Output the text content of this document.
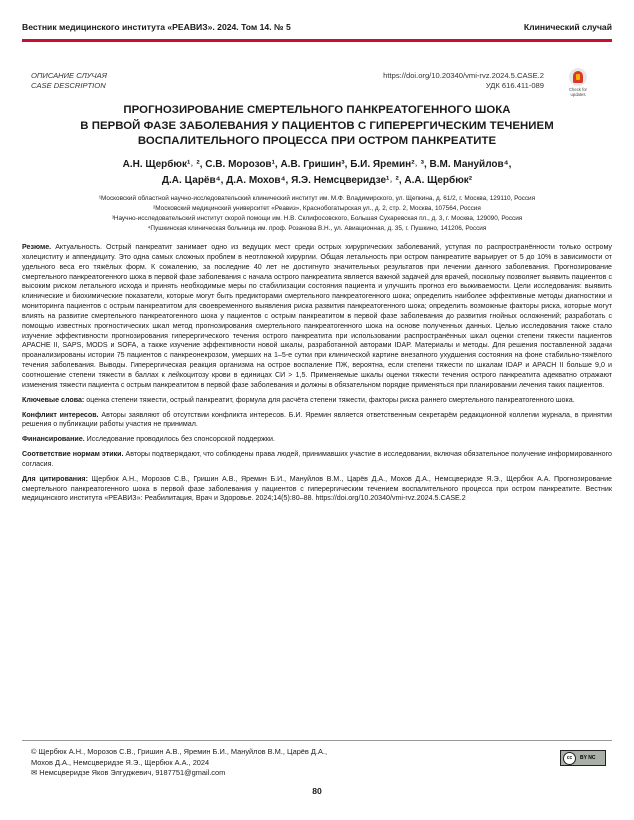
Вестник медицинского института «РЕАВИЗ». 2024. Том 14. № 5	Клинический случай
ОПИСАНИЕ СЛУЧАЯ
CASE DESCRIPTION
https://doi.org/10.20340/vmi-rvz.2024.5.CASE.2
УДК 616.411-089	Check for
updates
ПРОГНОЗИРОВАНИЕ СМЕРТЕЛЬНОГО ПАНКРЕАТОГЕННОГО ШОКА
В ПЕРВОЙ ФАЗЕ ЗАБОЛЕВАНИЯ У ПАЦИЕНТОВ С ГИПЕРЕРГИЧЕСКИМ ТЕЧЕНИЕМ
ВОСПАЛИТЕЛЬНОГО ПРОЦЕССА ПРИ ОСТРОМ ПАНКРЕАТИТЕ
А.Н. Щербюк¹˒ ², С.В. Морозов¹, А.В. Гришин³, Б.И. Яремин²˒ ³, В.М. Мануйлов⁴,
Д.А. Царёв⁴, Д.А. Мохов⁴, Я.Э. Немсцверидзе¹˒ ², А.А. Щербюк²
¹Московский областной научно-исследовательский клинический институт им. М.Ф. Владимирского, ул. Щепкина, д. 61/2, г. Москва, 129110, Россия
²Московский медицинский университет «Реавиз», Краснобогатырская ул., д. 2, стр. 2, Москва, 107564, Россия
³Научно-исследовательский институт скорой помощи им. Н.В. Склифосовского, Большая Сухаревская пл., д. 3, г. Москва, 129090, Россия
⁴Пушкинская клиническая больница им. проф. Розанова В.Н., ул. Авиационная, д. 35, г. Пушкино, 141206, Россия

Резюме. Актуальность. Острый панкреатит занимает одно из ведущих мест среди острых хирургических заболеваний, уступая по распространённости только острому холециститу и аппендициту. Это одна самых сложных проблем в неотложной хирургии. Общая летальность при остром панкреатите варьирует от 5 до 10% в зависимости от удельного веса его тяжёлых форм. К сожалению, за последние 40 лет не достигнуто значительных результатов при лечении данного заболевания. Прогнозирование смертельного панкреатогенного шока в первой фазе заболевания с начала острого панкреатита является важной задачей для врачей, поскольку позволяет выявить пациентов с высоким риском летального исхода и принять необходимые меры по стабилизации состояния пациента и улучшить прогноз его выживаемости. Цели исследования: выявить клинические и биохимические показатели, которые могут быть предикторами смертельного панкреатогенного шока; определить наиболее эффективные методы диагностики и мониторинга пациентов с острым панкреатитом для своевременного выявления риска развития панкреатогенного шока; определить возможные факторы риска, которые могут влиять на развитие смертельного панкреатогенного шока у пациентов с острым панкреатитом в первой фазе заболевания до развития гнойных осложнений; разработать с помощью известных прогностических шкал метод прогнозирования смертельного панкреатогенного шока на основе полученных данных. Целью исследования также стало изучение эффективности прогнозирования гиперергического течения острого панкреатита при использовании распространённых шкал оценки степени тяжести пациентов APACHE II, SAPS, MODS и SOFA, а также изучение эффективности новой шкалы, разработанной авторами IDAP. Материалы и методы. Для решения поставленной задачи проанализированы истории 75 пациентов с панкреонекрозом, умерших на 1–5-е сутки при клинической картине внезапного ухудшения состояния на фоне стабильно-тяжёлого течения заболевания. Выводы. Гиперергическая реакция организма на острое воспаление ПЖ, вероятна, если степени тяжести по шкалам IDAP и APACH II больше 9,0 и соотношение степени тяжести в баллах к лейкоцитозу крови в единицах СИ > 1,5. Применяемые шкалы оценки тяжести течения острого панкреатита адекватно отражают изменения тяжести пациента с острым панкреатитом в первой фазе заболевания и должны в обязательном порядке применяться при планировании лечения таких пациентов.

Ключевые слова: оценка степени тяжести, острый панкреатит, формула для расчёта степени тяжести, факторы риска раннего смертельного панкреатогенного шока.

Конфликт интересов. Авторы заявляют об отсутствии конфликта интересов. Б.И. Яремин является ответственным секретарём редакционной коллегии журнала, в принятии решения о публикации работы участия не принимал.

Финансирование. Исследование проводилось без спонсорской поддержки.

Соответствие нормам этики. Авторы подтверждают, что соблюдены права людей, принимавших участие в исследовании, включая обязательное получение информированного согласия.

Для цитирования: Щербюк А.Н., Морозов С.В., Гришин А.В., Яремин Б.И., Мануйлов В.М., Царёв Д.А., Мохов Д.А., Немсцверидзе Я.Э., Щербюк А.А. Прогнозирование смертельного панкреатогенного шока в первой фазе заболевания у пациентов с гиперергическим течением воспалительного процесса при остром панкреатите. Вестник медицинского института «РЕАВИЗ»: Реабилитация, Врач и Здоровье. 2024;14(5):80–88. https://doi.org/10.20340/vmi-rvz.2024.5.CASE.2

© Щербюк А.Н., Морозов С.В., Гришин А.В., Яремин Б.И., Мануйлов В.М., Царёв Д.А.,
Мохов Д.А., Немсцверидзе Я.Э., Щербюк А.А., 2024
✉ Немсцверидзе Яков Элгуджевич, 9187751@gmail.com
cc	BY NC
80
